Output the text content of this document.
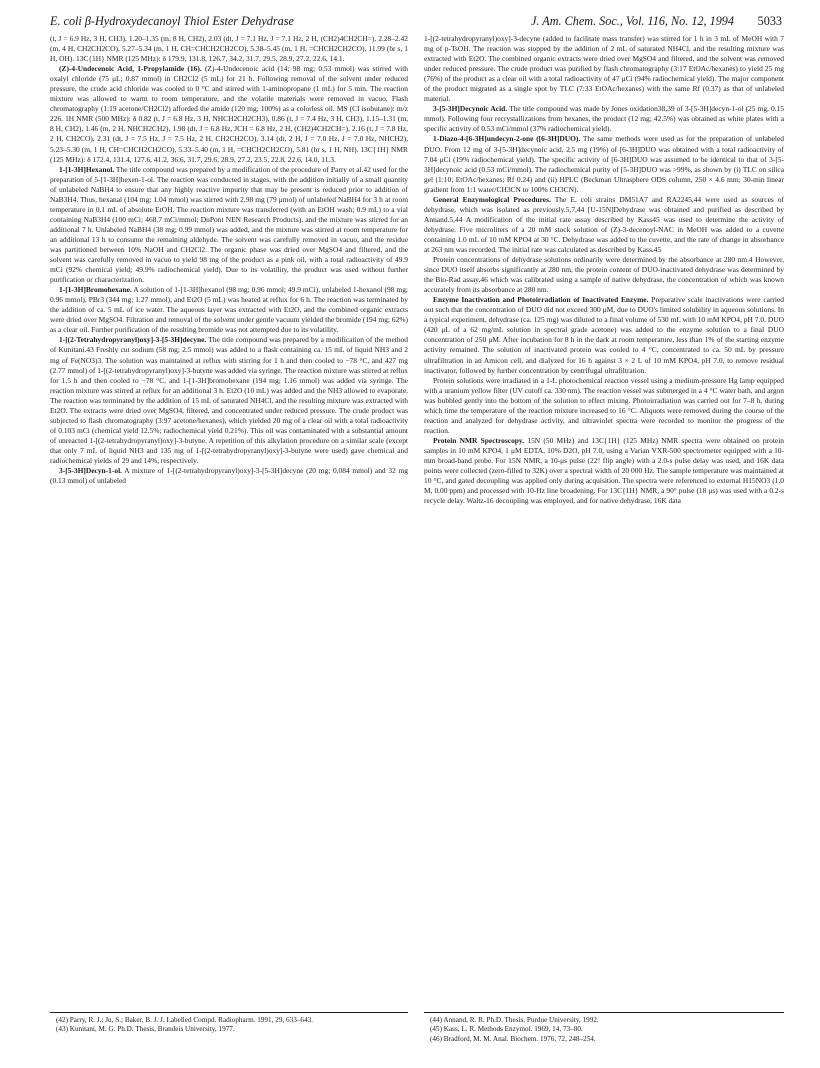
E. coli β-Hydroxydecanoyl Thiol Ester Dehydrase	J. Am. Chem. Soc., Vol. 116, No. 12, 1994 5033

(t, J = 6.9 Hz, 3 H, CH3), 1.20–1.35 (m, 8 H, CH2), 2.03 (dt, J = 7.1 Hz, J = 7.1 Hz, 2 H, (CH2)4CH2CH=), 2.28–2.42 (m, 4 H, CH2CH2CO), 5.27–5.34 (m, 1 H, CH=CHCH2CH2CO), 5.38–5.45 (m, 1 H, =CHCH2CH2CO), 11.99 (br s, 1 H, OH). 13C{1H} NMR (125 MHz): δ 179.9, 131.8, 126.7, 34.2, 31.7, 29.5, 28.9, 27.2, 22.6, 14.1.

(Z)-4-Undecenoic Acid, 1-Propylamide (16). (Z)-4-Undecenoic acid (14; 98 mg; 0.53 mmol) was stirred with oxalyl chloride (75 μL; 0.87 mmol) in CH2Cl2 (5 mL) for 21 h. Following removal of the solvent under reduced pressure, the crude acid chloride was cooled to 0 °C and stirred with 1-aminopropane (1 mL) for 5 min. The reaction mixture was allowed to warm to room temperature, and the volatile materials were removed in vacuo. Flash chromatography (1:19 acetone/CH2Cl2) afforded the amide (120 mg; 100%) as a colorless oil. MS (CI isobutane): m/z 226. 1H NMR (500 MHz): δ 0.82 (t, J = 6.8 Hz, 3 H, NHCH2CH2CH3), 0.86 (t, J = 7.4 Hz, 3 H, CH3), 1.15–1.31 (m, 8 H, CH2), 1.46 (m, 2 H, NHCH2CH2), 1.98 (dt, J = 6.8 Hz, JCH = 6.8 Hz, 2 H, (CH2)4CH2CH=), 2.16 (t, J = 7.8 Hz, 2 H, CH2CO), 2.31 (dt, J = 7.5 Hz, J = 7.5 Hz, 2 H, CH2CH2CO), 3.14 (dt, 2 H, J = 7.0 Hz, J = 7.0 Hz, NHCH2), 5.23–5.30 (m, 1 H, CH=CHCH2CH2CO), 5.33–5.40 (m, 1 H, =CHCH2CH2CO), 5.81 (br s, 1 H, NH). 13C{1H} NMR (125 MHz): δ 172.4, 131.4, 127.6, 41.2, 36.6, 31.7, 29.6, 28.9, 27.2, 23.5, 22.8, 22.6, 14.0, 11.3.

1-[1-3H]Hexanol. The title compound was prepared by a modification of the procedure of Parry et al.42 used for the preparation of 5-[1-3H]hexen-1-ol. The reaction was conducted in stages, with the addition initially of a small quantity of unlabeled NaBH4 to ensure that any highly reactive impurity that may be present is reduced prior to addition of NaB3H4. Thus, hexanal (104 mg; 1.04 mmol) was stirred with 2.98 mg (79 μmol) of unlabeled NaBH4 for 3 h at room temperature in 0.1 mL of absolute EtOH. The reaction mixture was transferred (with an EtOH wash; 0.9 mL) to a vial containing NaB3H4 (100 mCi; 468.7 mCi/mmol; DuPont NEN Research Products), and the mixture was stirred for an additional 7 h. Unlabeled NaBH4 (38 mg; 0.99 mmol) was added, and the mixture was stirred at room temperature for an additional 13 h to consume the remaining aldehyde. The solvent was carefully removed in vacuo, and the residue was partitioned between 10% NaOH and CH2Cl2. The organic phase was dried over MgSO4 and filtered, and the solvent was carefully removed in vacuo to yield 98 mg of the product as a pink oil, with a total radioactivity of 49.9 mCi (92% chemical yield; 49.9% radiochemical yield). Due to its volatility, the product was used without further purification or characterization.

1-[1-3H]Bromohexane. A solution of 1-[1-3H]hexanol (98 mg; 0.96 mmol; 49.9 mCi), unlabeled 1-hexanol (98 mg; 0.96 mmol), PBr3 (344 mg; 1.27 mmol), and Et2O (5 mL) was heated at reflux for 6 h. The reaction was terminated by the addition of ca. 5 mL of ice water. The aqueous layer was extracted with Et2O, and the combined organic extracts were dried over MgSO4. Filtration and removal of the solvent under gentle vacuum yielded the bromide (194 mg; 62%) as a clear oil. Further purification of the resulting bromide was not attempted due to its volatility.

1-[(2-Tetrahydropyranyl)oxy]-3-[5-3H]decyne. The title compound was prepared by a modification of the method of Kunitani.43 Freshly cut sodium (58 mg; 2.5 mmol) was added to a flask containing ca. 15 mL of liquid NH3 and 2 mg of Fe(NO3)3. The solution was maintained at reflux with stirring for 1 h and then cooled to −78 °C, and 427 mg (2.77 mmol) of 1-[(2-tetrahydropyranyl)oxy]-3-butyne was added via syringe. The reaction mixture was stirred at reflux for 1.5 h and then cooled to −78 °C, and 1-[1-3H]bromohexane (194 mg; 1.16 mmol) was added via syringe. The reaction mixture was stirred at reflux for an additional 3 h. Et2O (10 mL) was added and the NH3 allowed to evaporate. The reaction was terminated by the addition of 15 mL of saturated NH4Cl, and the resulting mixture was extracted with Et2O. The extracts were dried over MgSO4, filtered, and concentrated under reduced pressure. The crude product was subjected to flash chromatography (3:97 acetone/hexanes), which yielded 20 mg of a clear oil with a total radioactivity of 0.103 mCi (chemical yield 12.5%; radiochemical yield 0.21%). This oil was contaminated with a substantial amount of unreacted 1-[(2-tetrahydropyranyl)oxy]-3-butyne. A repetition of this alkylation procedure on a similar scale (except that only 7 mL of liquid NH3 and 135 mg of 1-[(2-tetrahydropyranyl)oxy]-3-butyne were used) gave chemical and radiochemical yields of 29 and 14%, respectively.

3-[5-3H]Decyn-1-ol. A mixture of 1-[(2-tetrahydropyranyl)oxy]-3-[5-3H]decyne (20 mg; 0.084 mmol) and 32 mg (0.13 mmol) of unlabeled

1-[(2-tetrahydropyranyl)oxy]-3-decyne (added to facilitate mass transfer) was stirred for 1 h in 3 mL of MeOH with 7 mg of p-TsOH. The reaction was stopped by the addition of 2 mL of saturated NH4Cl, and the resulting mixture was extracted with Et2O. The combined organic extracts were dried over MgSO4 and filtered, and the solvent was removed under reduced pressure. The crude product was purified by flash chromatography (3:17 EtOAc/hexanes) to yield 25 mg (76%) of the product as a clear oil with a total radioactivity of 47 μCi (94% radiochemical yield). The major component of the product migrated as a single spot by TLC (7:33 EtOAc/hexanes) with the same Rf (0.37) as that of unlabeled material.

3-[5-3H]Decynoic Acid. The title compound was made by Jones oxidation38,39 of 3-[5-3H]decyn-1-ol (25 mg, 0.15 mmol). Following four recrystallizations from hexanes, the product (12 mg; 42.5%) was obtained as white plates with a specific activity of 0.53 mCi/mmol (37% radiochemical yield).

1-Diazo-4-[6-3H]undecyn-2-one ([6-3H]DUO). The same methods were used as for the preparation of unlabeled DUO. From 12 mg of 3-[5-3H]decynoic acid, 2.5 mg (19%) of [6-3H]DUO was obtained with a total radioactivity of 7.04 μCi (19% radiochemical yield). The specific activity of [6-3H]DUO was assumed to be identical to that of 3-[5-3H]decynoic acid (0.53 mCi/mmol). The radiochemical purity of [5-3H]DUO was >99%, as shown by (i) TLC on silica gel (1:10; EtOAc/hexanes; Rf 0.24) and (ii) HPLC (Beckman Ultrasphere ODS column, 250 × 4.6 mm; 30-min linear gradient from 1:1 water/CH3CN to 100% CH3CN).

General Enzymological Procedures. The E. coli strains DM51A7 and RA2245,44 were used as sources of dehydrase, which was isolated as previously.5,7,44 [U-15N]Dehydrase was obtained and purified as described by Annand.5,44 A modification of the initial rate assay described by Kass45 was used to determine the activity of dehydrase. Five microliters of a 20 mM stock solution of (Z)-3-decenoyl-NAC in MeOH was added to a cuvette containing 1.0 mL of 10 mM KPO4 at 30 °C. Dehydrase was added to the cuvette, and the rate of change in absorbance at 263 nm was recorded. The initial rate was calculated as described by Kass.45

Protein concentrations of dehydrase solutions ordinarily were determined by the absorbance at 280 nm.4 However, since DUO itself absorbs significantly at 280 nm, the protein content of DUO-inactivated dehydrase was determined by the Bio-Rad assay,46 which was calibrated using a sample of native dehydrase, the concentration of which was known accurately from its absorbance at 280 nm.

Enzyme Inactivation and Photoirradiation of Inactivated Enzyme. Preparative scale inactivations were carried out such that the concentration of DUO did not exceed 300 μM, due to DUO's limited solubility in aqueous solutions. In a typical experiment, dehydrase (ca. 125 mg) was diluted to a final volume of 530 mL with 10 mM KPO4, pH 7.0. DUO (420 μL of a 62 mg/mL solution in spectral grade acetone) was added to the enzyme solution to a final DUO concentration of 250 μM. After incubation for 8 h in the dark at room temperature, less than 1% of the starting enzyme activity remained. The solution of inactivated protein was cooled to 4 °C, concentrated to ca. 50 mL by pressure ultrafiltration in an Amicon cell, and dialyzed for 16 h against 3 × 2 L of 10 mM KPO4, pH 7.0, to remove residual inactivator, followed by further concentration by centrifugal ultrafiltration.

Protein solutions were irradiated in a 1-L photochemical reaction vessel using a medium-pressure Hg lamp equipped with a uranium yellow filter (UV cutoff ca. 330 nm). The reaction vessel was submerged in a 4 °C water bath, and argon was bubbled gently into the bottom of the solution to effect mixing. Photoirradiation was carried out for 7–8 h, during which time the temperature of the reaction mixture increased to 16 °C. Aliquots were removed during the course of the reaction and analyzed for dehydrase activity, and ultraviolet spectra were recorded to monitor the progress of the reaction.

Protein NMR Spectroscopy. 15N (50 MHz) and 13C{1H} (125 MHz) NMR spectra were obtained on protein samples in 10 mM KPO4, 1 μM EDTA, 10% D2O, pH 7.0, using a Varian VXR-500 spectrometer equipped with a 10-mm broad-band probe. For 15N NMR, a 10-μs pulse (22° flip angle) with a 2.0-s pulse delay was used, and 16K data points were collected (zero-filled to 32K) over a spectral width of 20 000 Hz. The sample temperature was maintained at 10 °C, and gated decoupling was applied only during acquisition. The spectra were referenced to external H15NO3 (1.0 M, 0.00 ppm) and processed with 10-Hz line broadening. For 13C{1H} NMR, a 90° pulse (18 μs) was used with a 0.2-s recycle delay. Waltz-16 decoupling was employed, and for native dehydrase, 16K data

(42) Parry, R. J.; Ju, S.; Baker, B. J. J. Labelled Compd. Radiopharm. 1991, 29, 633–643.
(43) Kunitani, M. G. Ph.D. Thesis, Brandeis University, 1977.
(44) Annand, R. R. Ph.D. Thesis, Purdue University, 1992.
(45) Kass, L. R. Methods Enzymol. 1969, 14, 73–80.
(46) Bradford, M. M. Anal. Biochem. 1976, 72, 248–254.
